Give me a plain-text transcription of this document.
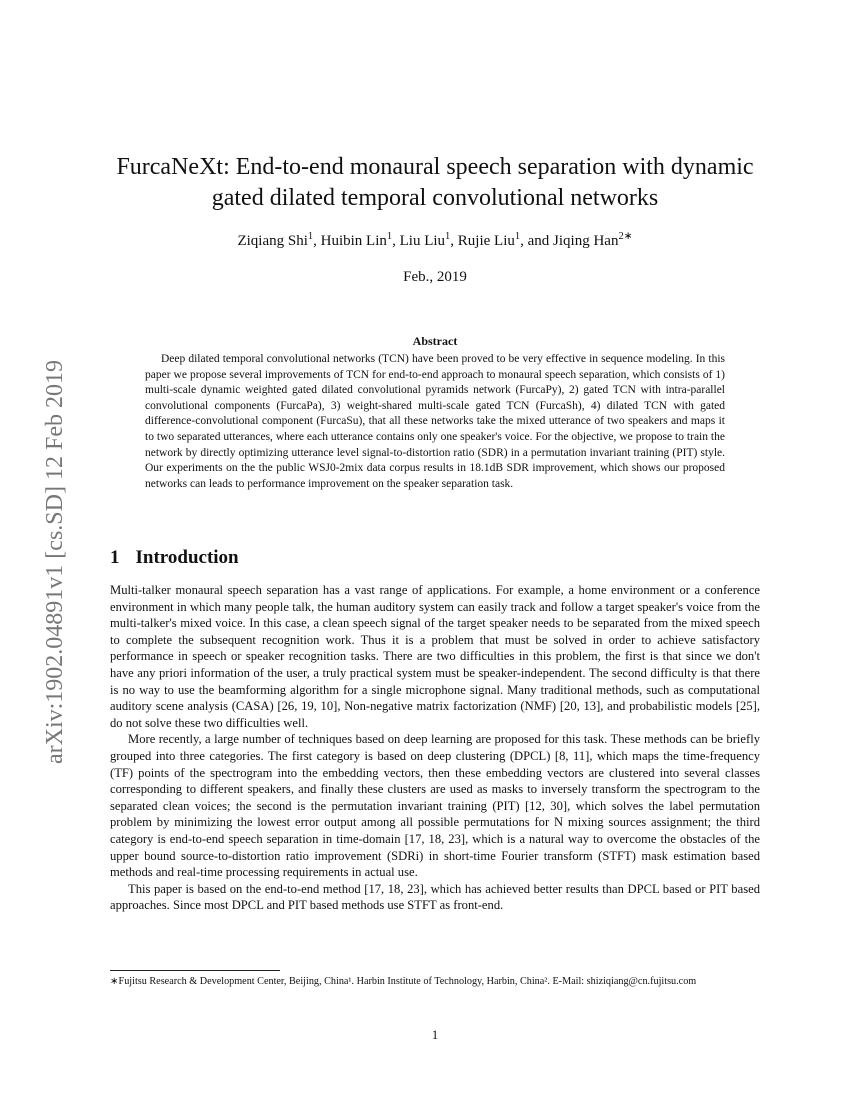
arXiv:1902.04891v1 [cs.SD] 12 Feb 2019
FurcaNeXt: End-to-end monaural speech separation with dynamic
gated dilated temporal convolutional networks
Ziqiang Shi$^1$, Huibin Lin$^1$, Liu Liu$^1$, Rujie Liu$^1$, and Jiqing Han$^{2∗}$
Feb., 2019
Abstract

Deep dilated temporal convolutional networks (TCN) have been proved to be very effective in sequence modeling. In this paper we propose several improvements of TCN for end-to-end approach to monaural speech separation, which consists of 1) multi-scale dynamic weighted gated dilated convolutional pyramids network (FurcaPy), 2) gated TCN with intra-parallel convolutional components (FurcaPa), 3) weight-shared multi-scale gated TCN (FurcaSh), 4) dilated TCN with gated difference-convolutional component (FurcaSu), that all these networks take the mixed utterance of two speakers and maps it to two separated utterances, where each utterance contains only one speaker's voice. For the objective, we propose to train the network by directly optimizing utterance level signal-to-distortion ratio (SDR) in a permutation invariant training (PIT) style. Our experiments on the the public WSJ0-2mix data corpus results in 18.1dB SDR improvement, which shows our proposed networks can leads to performance improvement on the speaker separation task.

1 Introduction

Multi-talker monaural speech separation has a vast range of applications. For example, a home environment or a conference environment in which many people talk, the human auditory system can easily track and follow a target speaker's voice from the multi-talker's mixed voice. In this case, a clean speech signal of the target speaker needs to be separated from the mixed speech to complete the subsequent recognition work. Thus it is a problem that must be solved in order to achieve satisfactory performance in speech or speaker recognition tasks. There are two difficulties in this problem, the first is that since we don't have any priori information of the user, a truly practical system must be speaker-independent. The second difficulty is that there is no way to use the beamforming algorithm for a single microphone signal. Many traditional methods, such as computational auditory scene analysis (CASA) [26, 19, 10], Non-negative matrix factorization (NMF) [20, 13], and probabilistic models [25], do not solve these two difficulties well.

More recently, a large number of techniques based on deep learning are proposed for this task. These methods can be briefly grouped into three categories. The first category is based on deep clustering (DPCL) [8, 11], which maps the time-frequency (TF) points of the spectrogram into the embedding vectors, then these embedding vectors are clustered into several classes corresponding to different speakers, and finally these clusters are used as masks to inversely transform the spectrogram to the separated clean voices; the second is the permutation invariant training (PIT) [12, 30], which solves the label permutation problem by minimizing the lowest error output among all possible permutations for N mixing sources assignment; the third category is end-to-end speech separation in time-domain [17, 18, 23], which is a natural way to overcome the obstacles of the upper bound source-to-distortion ratio improvement (SDRi) in short-time Fourier transform (STFT) mask estimation based methods and real-time processing requirements in actual use.

This paper is based on the end-to-end method [17, 18, 23], which has achieved better results than DPCL based or PIT based approaches. Since most DPCL and PIT based methods use STFT as front-end.

∗Fujitsu Research & Development Center, Beijing, China¹. Harbin Institute of Technology, Harbin, China². E-Mail: shiziqiang@cn.fujitsu.com
1
